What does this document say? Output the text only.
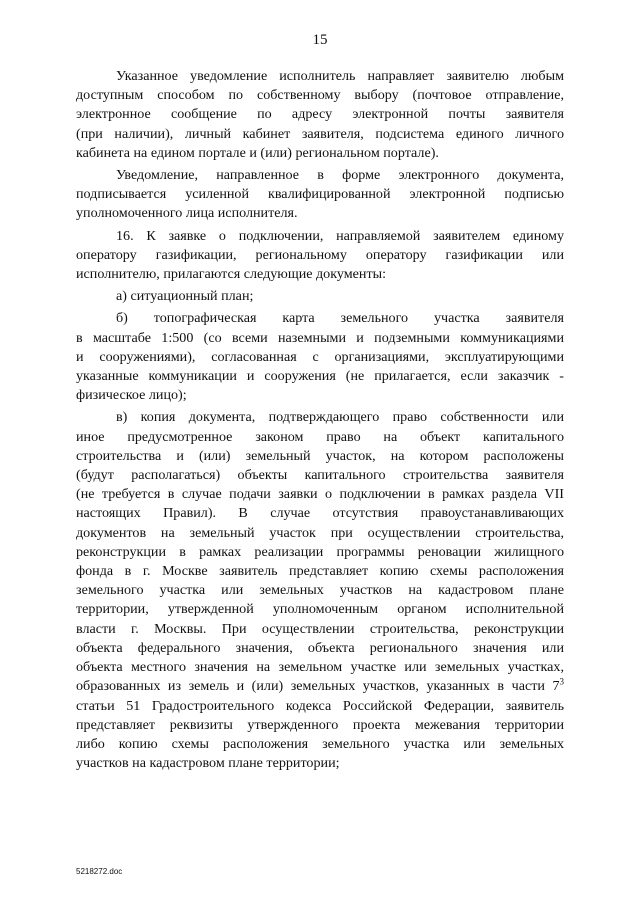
15
Указанное уведомление исполнитель направляет заявителю любым
доступным способом по собственному выбору (почтовое отправление,
электронное сообщение по адресу электронной почты заявителя
(при наличии), личный кабинет заявителя, подсистема единого личного
кабинета на едином портале и (или) региональном портале).
Уведомление, направленное в форме электронного документа,
подписывается усиленной квалифицированной электронной подписью
уполномоченного лица исполнителя.
16. К заявке о подключении, направляемой заявителем единому
оператору газификации, региональному оператору газификации или
исполнителю, прилагаются следующие документы:
а) ситуационный план;
б) топографическая карта земельного участка заявителя
в масштабе 1:500 (со всеми наземными и подземными коммуникациями
и сооружениями), согласованная с организациями, эксплуатирующими
указанные коммуникации и сооружения (не прилагается, если заказчик -
физическое лицо);
в) копия документа, подтверждающего право собственности или
иное предусмотренное законом право на объект капитального
строительства и (или) земельный участок, на котором расположены
(будут располагаться) объекты капитального строительства заявителя
(не требуется в случае подачи заявки о подключении в рамках раздела VII
настоящих Правил). В случае отсутствия правоустанавливающих
документов на земельный участок при осуществлении строительства,
реконструкции в рамках реализации программы реновации жилищного
фонда в г. Москве заявитель представляет копию схемы расположения
земельного участка или земельных участков на кадастровом плане
территории, утвержденной уполномоченным органом исполнительной
власти г. Москвы. При осуществлении строительства, реконструкции
объекта федерального значения, объекта регионального значения или
объекта местного значения на земельном участке или земельных участках,
образованных из земель и (или) земельных участков, указанных в части $7^3$
статьи 51 Градостроительного кодекса Российской Федерации, заявитель
представляет реквизиты утвержденного проекта межевания территории
либо копию схемы расположения земельного участка или земельных
участков на кадастровом плане территории;
5218272.doc
